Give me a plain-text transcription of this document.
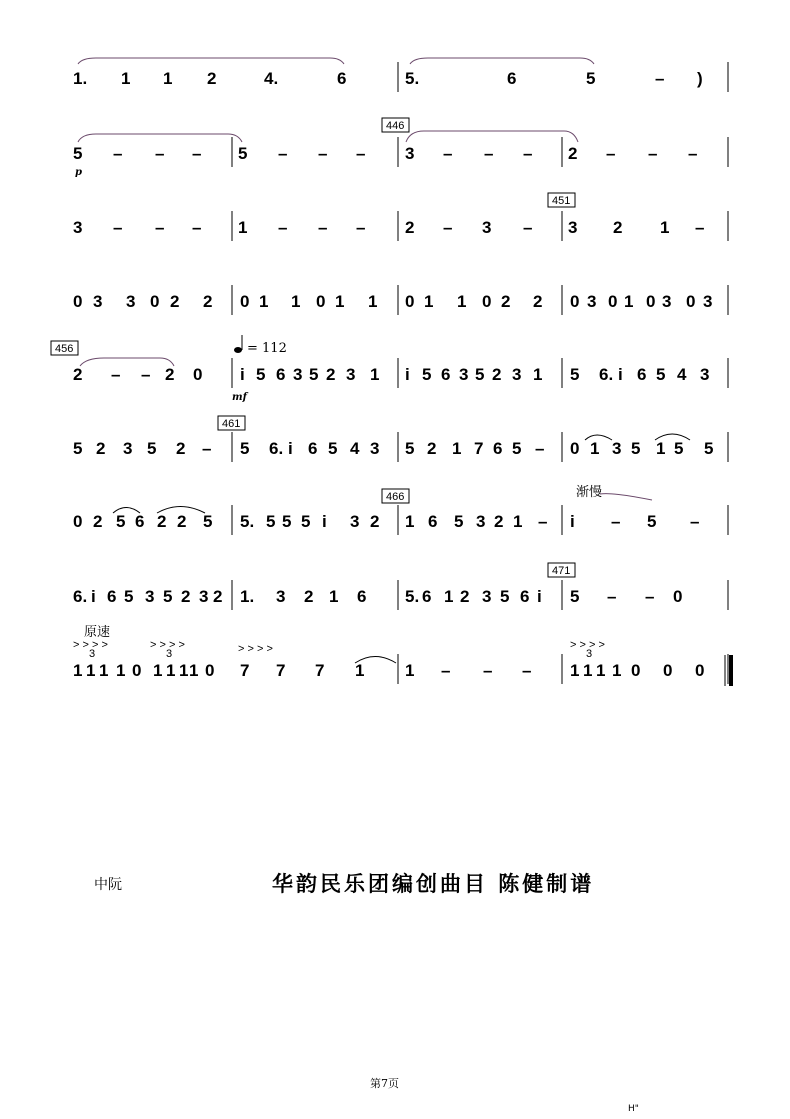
1. 1 1 2	4.	6	5.	6	5	– )
5 – – – 5 – – – 3 – – – 2 – – –
3 – – – 1 – – – 2 – 3 – 3 2 1 –
0 3 3 0 2 2 0 1 1 0 1 1 0 1 1 0 2 2 0 3 0 1 0 3 0 3
2 – – 2 0 i 5 6 3 5 2 3 1 i 5 6 3 5 2 3 1 5 6. i 6 5 4 3
5 2 3 5 2 – 5 6. i 6 5 4 3 5 2 1 7 6 5 – 0 1 3 5 1 5 5
0 2 5 6 2 2 5 5. 5 5 5 i 3 2 1 6 5 3 2 1 – i – 5 –
6. i 6 5 3 5 2 3 2 1. 3 2 1 6 5. 6 1 2 3 5 6 i 5 – – 0
1 1 1 1 0 1 1 1 1 0 7 7 7 1 1 – – – 1 1 1 1 0 0 0
446
451
456
461
466
471
p
mf
= 112
渐慢
原速
> > > >	> > > >	> > > >
> > > >
3	3	3
中阮	华韵民乐团编创曲目 陈健制谱
第7页
H"
